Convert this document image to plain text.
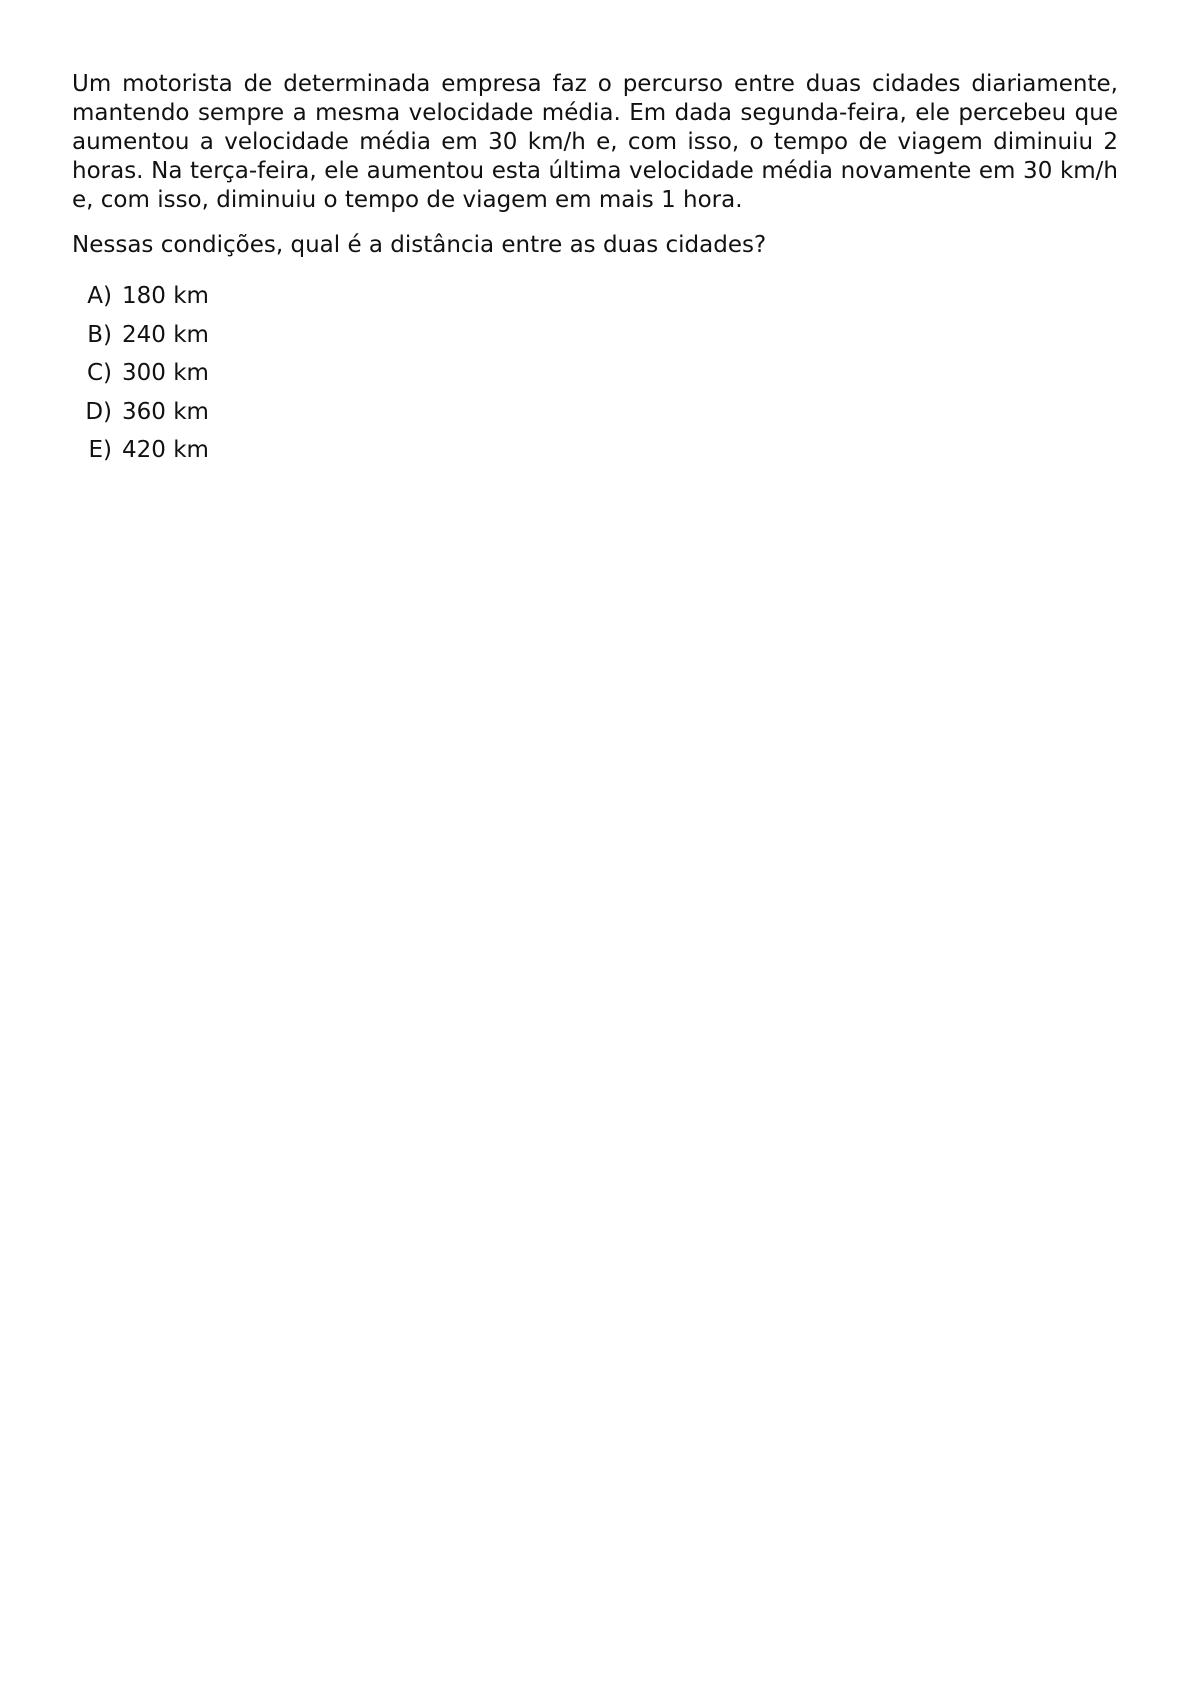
Um motorista de determinada empresa faz o percurso entre duas cidades diariamente, mantendo sempre a mesma velocidade média. Em dada segunda-feira, ele percebeu que aumentou a velocidade média em 30 km/h e, com isso, o tempo de viagem diminuiu 2 horas. Na terça-feira, ele aumentou esta última velocidade média novamente em 30 km/h e, com isso, diminuiu o tempo de viagem em mais 1 hora.

Nessas condições, qual é a distância entre as duas cidades?

A) 180 km
B) 240 km
C) 300 km
D) 360 km
E) 420 km
